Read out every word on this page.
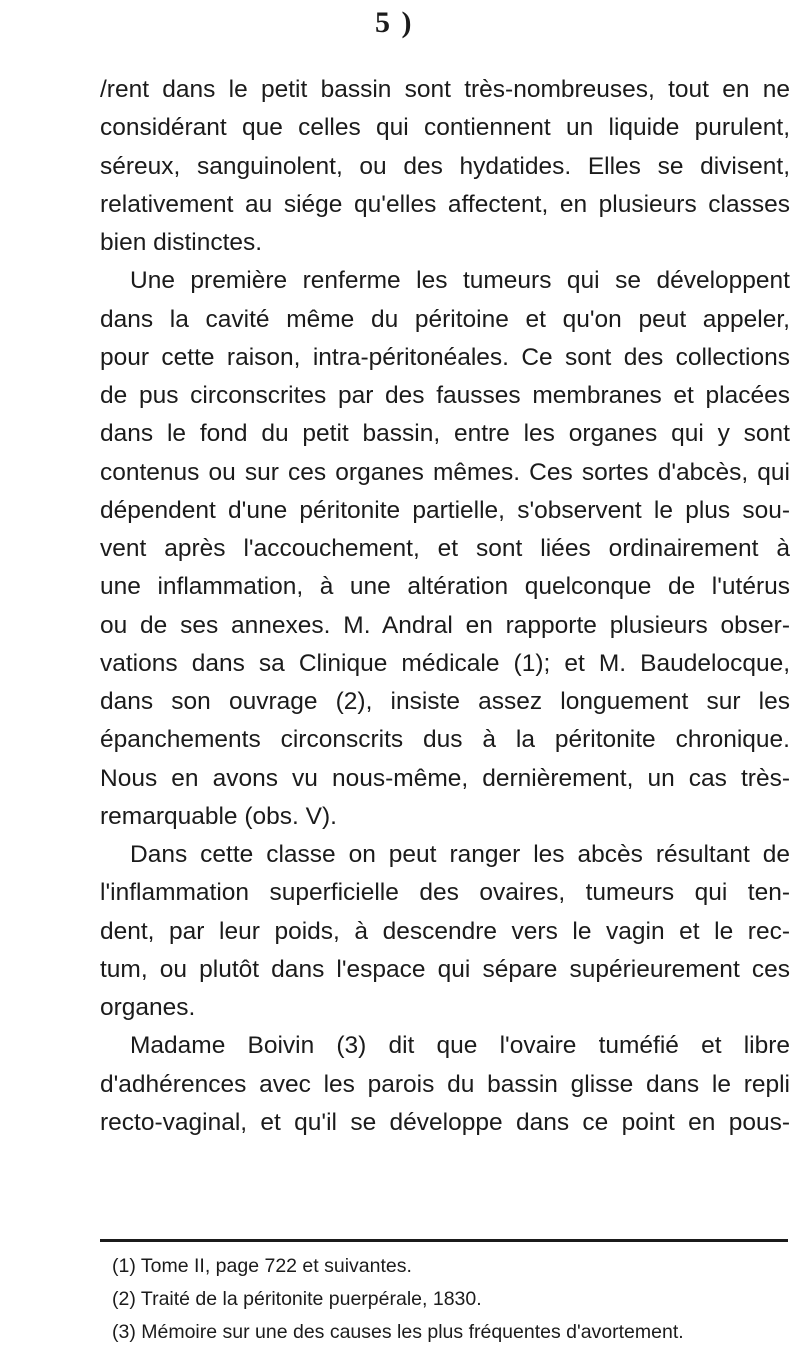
5 )
/rent dans le petit bassin sont très-nombreuses, tout en ne
considérant que celles qui contiennent un liquide purulent,
séreux, sanguinolent, ou des hydatides. Elles se divisent,
relativement au siége qu'elles affectent, en plusieurs classes
bien distinctes.
Une première renferme les tumeurs qui se développent
dans la cavité même du péritoine et qu'on peut appeler,
pour cette raison, intra-péritonéales. Ce sont des collections
de pus circonscrites par des fausses membranes et placées
dans le fond du petit bassin, entre les organes qui y sont
contenus ou sur ces organes mêmes. Ces sortes d'abcès, qui
dépendent d'une péritonite partielle, s'observent le plus sou-
vent après l'accouchement, et sont liées ordinairement à
une inflammation, à une altération quelconque de l'utérus
ou de ses annexes. M. Andral en rapporte plusieurs obser-
vations dans sa Clinique médicale (1); et M. Baudelocque,
dans son ouvrage (2), insiste assez longuement sur les
épanchements circonscrits dus à la péritonite chronique.
Nous en avons vu nous-même, dernièrement, un cas très-
remarquable (obs. V).
Dans cette classe on peut ranger les abcès résultant de
l'inflammation superficielle des ovaires, tumeurs qui ten-
dent, par leur poids, à descendre vers le vagin et le rec-
tum, ou plutôt dans l'espace qui sépare supérieurement ces
organes.
Madame Boivin (3) dit que l'ovaire tuméfié et libre
d'adhérences avec les parois du bassin glisse dans le repli
recto-vaginal, et qu'il se développe dans ce point en pous-
(1) Tome II, page 722 et suivantes.
(2) Traité de la péritonite puerpérale, 1830.
(3) Mémoire sur une des causes les plus fréquentes d'avortement.
